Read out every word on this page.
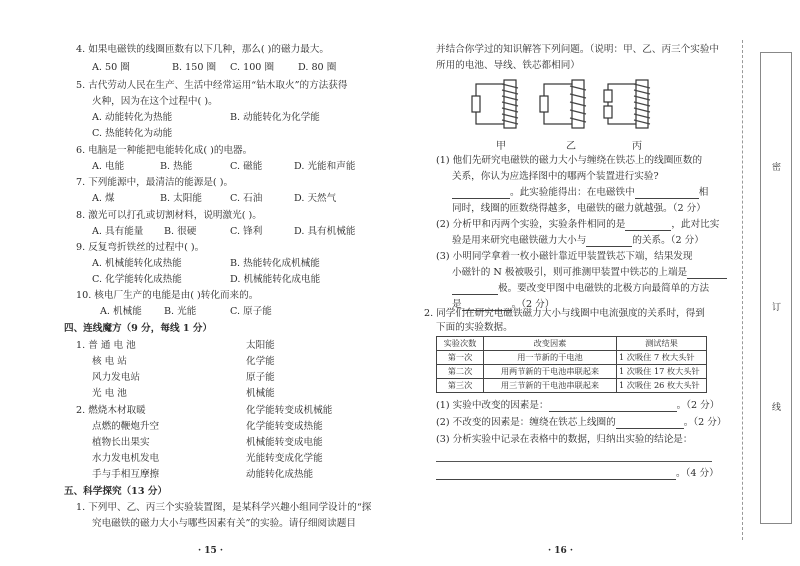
4. 如果电磁铁的线圈匝数有以下几种，那么( )的磁力最大。
A. 50 圈	B. 150 圈 C. 100 圈 D. 80 圈
5. 古代劳动人民在生产、生活中经常运用“钻木取火”的方法获得
火种，因为在这个过程中( )。
A. 动能转化为热能	B. 动能转化为化学能
C. 热能转化为动能
6. 电脑是一种能把电能转化成( )的电器。
A. 电能	B. 热能	C. 磁能	D. 光能和声能
7. 下列能源中，最清洁的能源是( )。
A. 煤	B. 太阳能	C. 石油	D. 天然气
8. 激光可以打孔或切割材料，说明激光( )。
A. 具有能量 B. 很硬	C. 锋利	D. 具有机械能
9. 反复弯折铁丝的过程中( )。
A. 机械能转化成热能	B. 热能转化成机械能
C. 化学能转化成热能	D. 机械能转化成电能
10. 核电厂生产的电能是由( )转化而来的。
A. 机械能 B. 光能	C. 原子能
四、连线魔方（9 分，每线 1 分）
1. 普 通 电 池	太阳能
核 电 站	化学能
风力发电站	原子能
光 电 池	机械能
2. 燃烧木材取暖	化学能转变成机械能
点燃的鞭炮升空	化学能转变成热能
植物长出果实	机械能转变成电能
水力发电机发电	光能转变成化学能
手与手相互摩擦	动能转化成热能
五、科学探究（13 分）
1. 下列甲、乙、丙三个实验装置图，是某科学兴趣小组同学设计的“探
究电磁铁的磁力大小与哪些因素有关”的实验。请仔细阅读题目
· 15 ·
并结合你学过的知识解答下列问题。（说明：甲、乙、丙三个实验中
所用的电池、导线、铁芯都相同）
甲	乙	丙
(1) 他们先研究电磁铁的磁力大小与缠绕在铁芯上的线圈匝数的
关系，你认为应选择图中的哪两个装置进行实验?
。此实验能得出：在电磁铁中	相
同时，线圈的匝数绕得越多，电磁铁的磁力就越强。（2 分）
(2) 分析甲和丙两个实验，实验条件相同的是	，此对比实
验是用来研究电磁铁磁力大小与	的关系。（2 分）
(3) 小明同学拿着一枚小磁针靠近甲装置铁芯下端，结果发现
小磁针的 N 极被吸引，则可推测甲装置中铁芯的上端是
极。要改变甲图中电磁铁的北极方向最简单的方法
是	。（2 分）
2. 同学们在研究电磁铁磁力大小与线圈中电流强度的关系时，得到
下面的实验数据。
实验次数	改变因素	测试结果
第一次	用一节新的干电池	1 次吸住 7 枚大头针
第二次	用两节新的干电池串联起来	1 次吸住 17 枚大头针
第三次	用三节新的干电池串联起来	1 次吸住 26 枚大头针
(1) 实验中改变的因素是：	。（2 分）
(2) 不改变的因素是：缠绕在铁芯上线圈的	。（2 分）
(3) 分析实验中记录在表格中的数据，归纳出实验的结论是：
。（4 分）
· 16 ·
密
订
线
